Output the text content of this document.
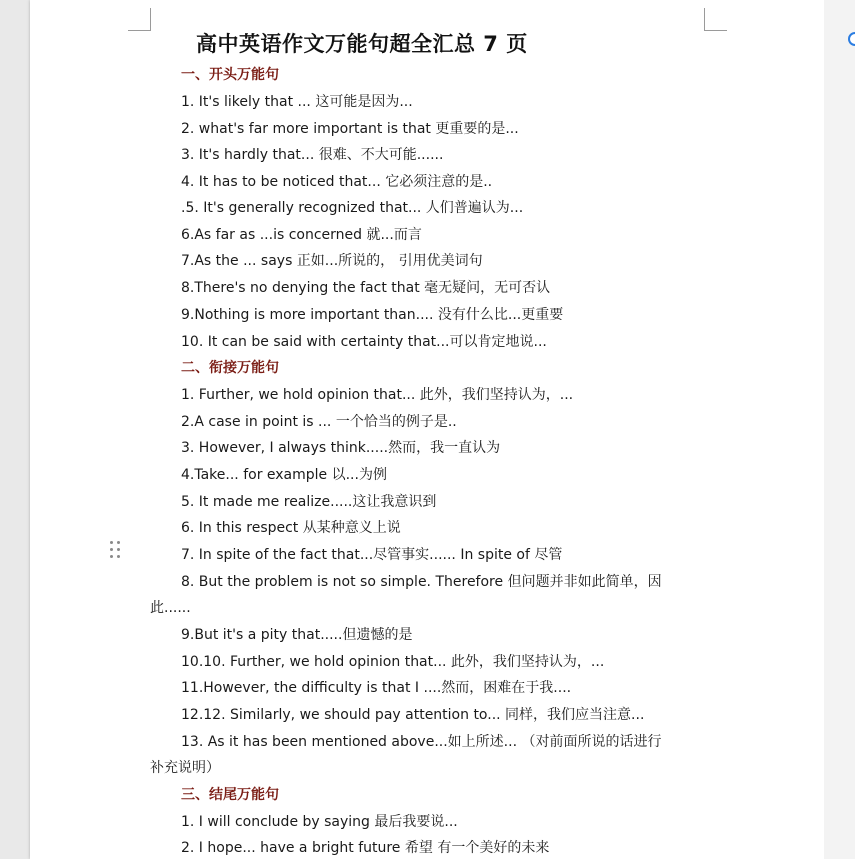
高中英语作文万能句超全汇总 7 页
一、开头万能句
1. It's likely that ... 这可能是因为...
2. what's far more important is that 更重要的是...
3. It's hardly that... 很难、不大可能......
4. It has to be noticed that... 它必须注意的是..
.5. It's generally recognized that... 人们普遍认为...
6.As far as ...is concerned 就...而言
7.As the ... says 正如...所说的， 引用优美词句
8.There's no denying the fact that 毫无疑问，无可否认
9.Nothing is more important than.... 没有什么比...更重要
10. It can be said with certainty that...可以肯定地说...
二、衔接万能句
1. Further, we hold opinion that... 此外，我们坚持认为，...
2.A case in point is ... 一个恰当的例子是..
3. However, I always think.....然而，我一直认为
4.Take... for example 以...为例
5. It made me realize.....这让我意识到
6. In this respect 从某种意义上说
7. In spite of the fact that...尽管事实...... In spite of 尽管
8. But the problem is not so simple. Therefore 但问题并非如此简单，因
此......
9.But it's a pity that.....但遗憾的是
10.10. Further, we hold opinion that... 此外，我们坚持认为，...
11.However, the difficulty is that I ....然而，困难在于我....
12.12. Similarly, we should pay attention to... 同样，我们应当注意...
13. As it has been mentioned above...如上所述... （对前面所说的话进行
补充说明）
三、结尾万能句
1. I will conclude by saying 最后我要说...
2. I hope... have a bright future 希望 有一个美好的未来
